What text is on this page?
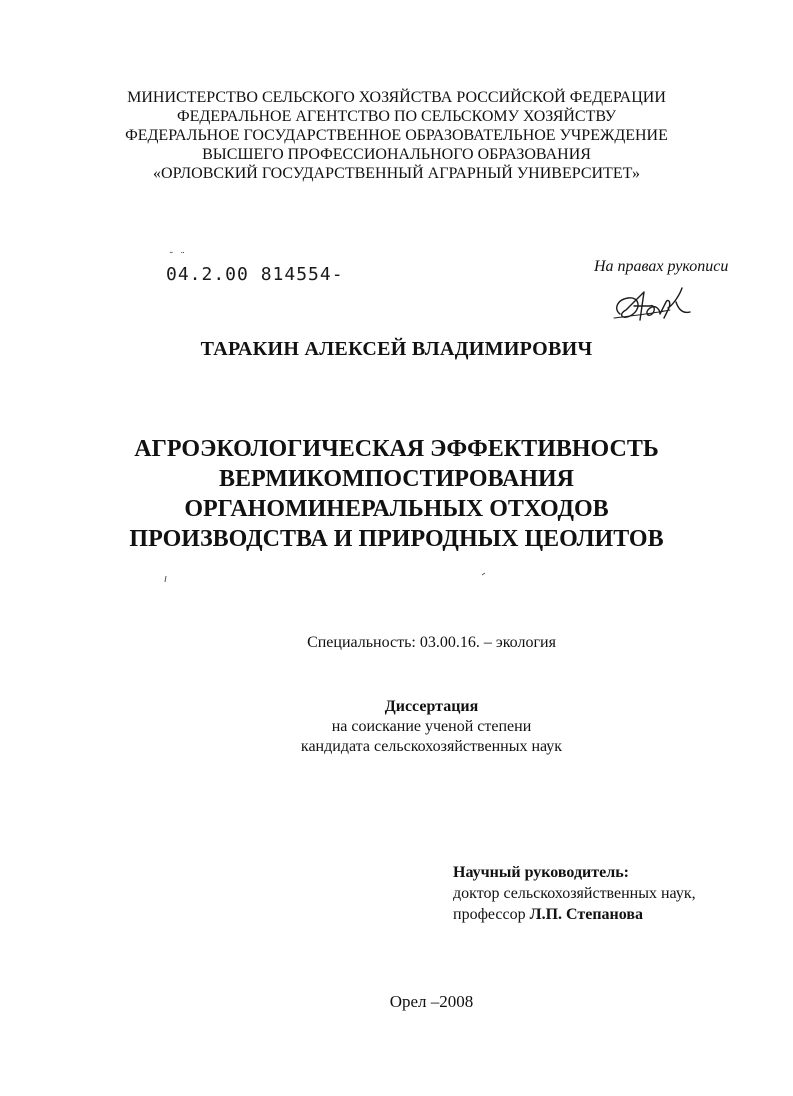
МИНИСТЕРСТВО СЕЛЬСКОГО ХОЗЯЙСТВА РОССИЙСКОЙ ФЕДЕРАЦИИ
ФЕДЕРАЛЬНОЕ АГЕНТСТВО ПО СЕЛЬСКОМУ ХОЗЯЙСТВУ
ФЕДЕРАЛЬНОЕ ГОСУДАРСТВЕННОЕ ОБРАЗОВАТЕЛЬНОЕ УЧРЕЖДЕНИЕ
ВЫСШЕГО ПРОФЕССИОНАЛЬНОГО ОБРАЗОВАНИЯ
«ОРЛОВСКИЙ ГОСУДАРСТВЕННЫЙ АГРАРНЫЙ УНИВЕРСИТЕТ»
˘ ¨
04.2.00 814554-	На правах рукописи
ТАРАКИН АЛЕКСЕЙ ВЛАДИМИРОВИЧ
АГРОЭКОЛОГИЧЕСКАЯ ЭФФЕКТИВНОСТЬ
ВЕРМИКОМПОСТИРОВАНИЯ
ОРГАНОМИНЕРАЛЬНЫХ ОТХОДОВ
ПРОИЗВОДСТВА И ПРИРОДНЫХ ЦЕОЛИТОВ
Специальность: 03.00.16. – экология
Диссертация
на соискание ученой степени
кандидата сельскохозяйственных наук
Научный руководитель:
доктор сельскохозяйственных наук,
профессор Л.П. Степанова
Орел –2008
